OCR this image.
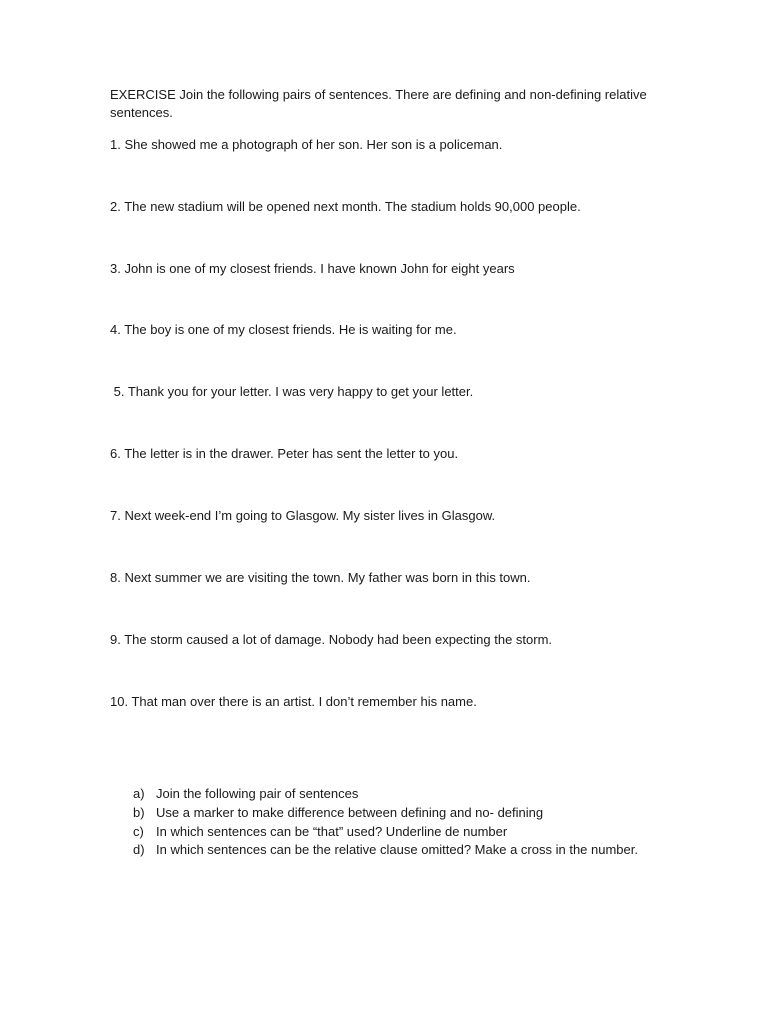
EXERCISE Join the following pairs of sentences. There are defining and non-defining relative sentences.
1. She showed me a photograph of her son. Her son is a policeman.
2. The new stadium will be opened next month. The stadium holds 90,000 people.
3. John is one of my closest friends. I have known John for eight years
4. The boy is one of my closest friends. He is waiting for me.
5. Thank you for your letter. I was very happy to get your letter.
6. The letter is in the drawer. Peter has sent the letter to you.
7. Next week-end I’m going to Glasgow. My sister lives in Glasgow.
8. Next summer we are visiting the town. My father was born in this town.
9. The storm caused a lot of damage. Nobody had been expecting the storm.
10. That man over there is an artist. I don’t remember his name.
a) Join the following pair of sentences
b) Use a marker to make difference between defining and no- defining
c) In which sentences can be “that” used? Underline de number
d) In which sentences can be the relative clause omitted? Make a cross in the number.
